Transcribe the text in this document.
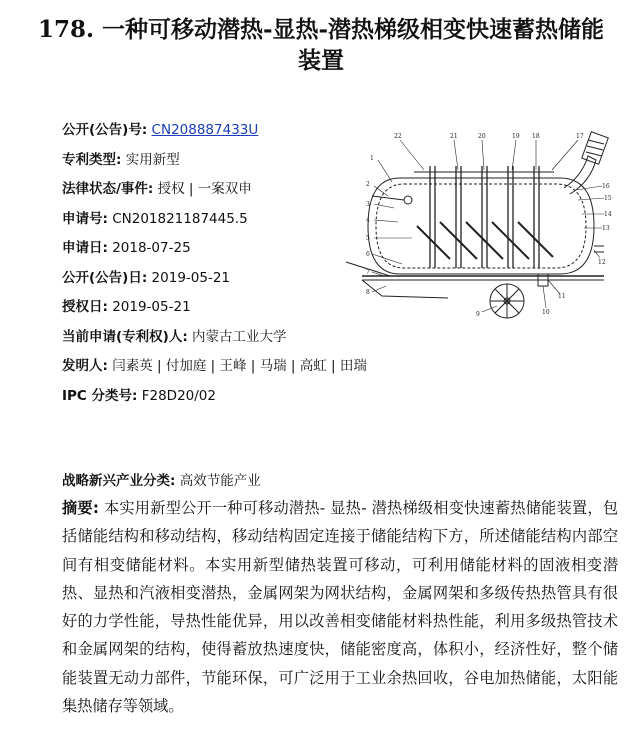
178. 一种可移动潜热-显热-潜热梯级相变快速蓄热储能装置
公开(公告)号: CN208887433U
专利类型: 实用新型
法律状态/事件: 授权 | 一案双申
申请号: CN201821187445.5
申请日: 2018-07-25
公开(公告)日: 2019-05-21
授权日: 2019-05-21
当前申请(专利权)人: 内蒙古工业大学
发明人: 闫素英 | 付加庭 | 王峰 | 马瑞 | 高虹 | 田瑞
IPC 分类号: F28D20/02
1
2
3
4
5
6
7
8
9	10
11
12
13
14
15
16
17
18
19
20
21
22
战略新兴产业分类: 高效节能产业
摘要: 本实用新型公开一种可移动潜热- 显热- 潜热梯级相变快速蓄热储能装置，包括储能结构和移动结构，移动结构固定连接于储能结构下方，所述储能结构内部空间有相变储能材料。本实用新型储热装置可移动，可利用储能材料的固液相变潜热、显热和汽液相变潜热，金属网架为网状结构，金属网架和多级传热热管具有很好的力学性能，导热性能优异，用以改善相变储能材料热性能，利用多级热管技术和金属网架的结构，使得蓄放热速度快，储能密度高，体积小，经济性好，整个储能装置无动力部件，节能环保，可广泛用于工业余热回收，谷电加热储能，太阳能集热储存等领域。
